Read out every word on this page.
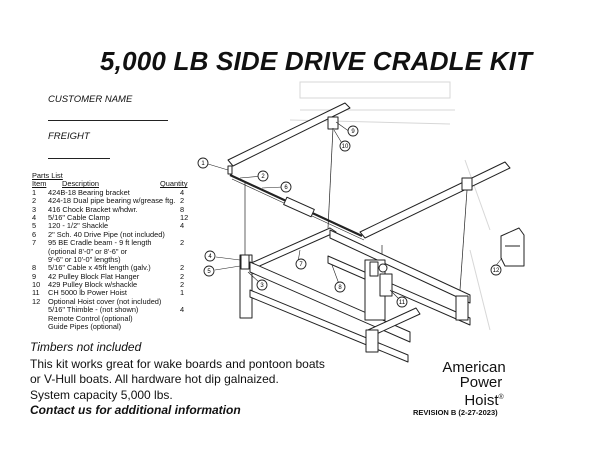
5,000 LB SIDE DRIVE CRADLE KIT
CUSTOMER NAME
FREIGHT
Parts List
Item Description	Quantity
1 424B-18 Bearing bracket	4
2 424-18 Dual pipe bearing w/grease ftg. 2
3 416 Chock Bracket w/hdwr.	8
4 5/16" Cable Clamp	12
5 120 - 1/2" Shackle	4
6 2" Sch. 40 Drive Pipe (not included)
7 95 BE Cradle beam - 9 ft length	2
(optional 8'-0" or 8'-6" or
9'-6" or 10'-0" lengths)
8 5/16" Cable x 45ft length (galv.)	2
9 42 Pulley Block Flat Hanger	2
10 429 Pulley Block w/shackle	2
11 CH 5000 lb Power Hoist	1
12 Optional Hoist cover (not included)
5/16" Thimble - (not shown)	4
Remote Control (optional)
Guide Pipes (optional)
Timbers not included
This kit works great for wake boards and pontoon boats
or V-Hull boats. All hardware hot dip galnaized.
System capacity 5,000 lbs.
Contact us for additional information
American
Power
Hoist®
REVISION B (2-27-2023)
1
2
3
4
5
6
7
8
9
10
11
12
